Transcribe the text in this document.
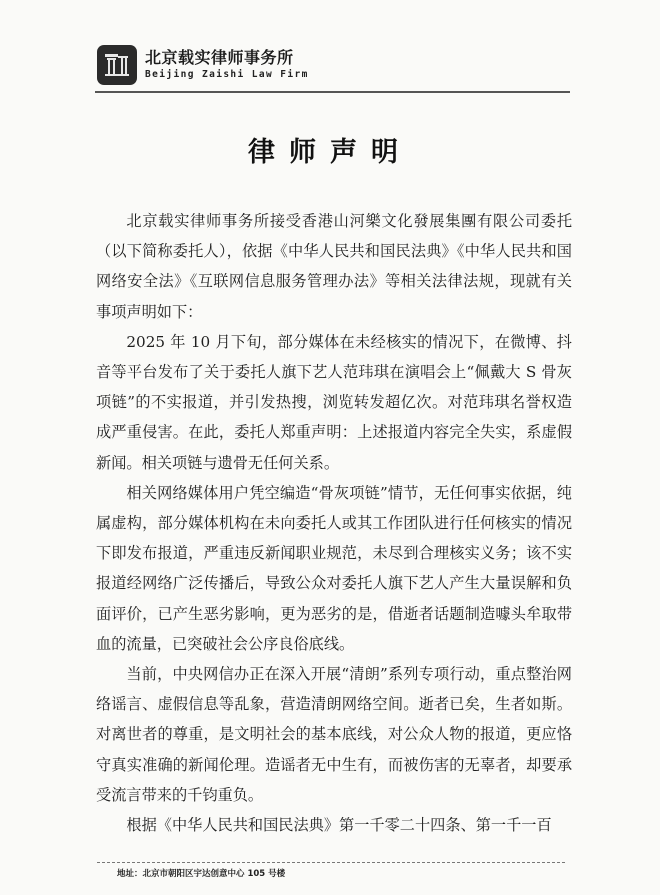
北京载实律师事务所
Beijing Zaishi Law Firm
律师声明

北京载实律师事务所接受香港山河樂文化發展集團有限公司委托（以下简称委托人），依据《中华人民共和国民法典》《中华人民共和国网络安全法》《互联网信息服务管理办法》等相关法律法规，现就有关事项声明如下：

2025 年 10 月下旬，部分媒体在未经核实的情况下，在微博、抖音等平台发布了关于委托人旗下艺人范玮琪在演唱会上“佩戴大 S 骨灰项链”的不实报道，并引发热搜，浏览转发超亿次。对范玮琪名誉权造成严重侵害。在此，委托人郑重声明：上述报道内容完全失实，系虚假新闻。相关项链与遗骨无任何关系。

相关网络媒体用户凭空编造“骨灰项链”情节，无任何事实依据，纯属虚构，部分媒体机构在未向委托人或其工作团队进行任何核实的情况下即发布报道，严重违反新闻职业规范，未尽到合理核实义务；该不实报道经网络广泛传播后，导致公众对委托人旗下艺人产生大量误解和负面评价，已产生恶劣影响，更为恶劣的是，借逝者话题制造噱头牟取带血的流量，已突破社会公序良俗底线。

当前，中央网信办正在深入开展“清朗”系列专项行动，重点整治网络谣言、虚假信息等乱象，营造清朗网络空间。逝者已矣，生者如斯。对离世者的尊重，是文明社会的基本底线，对公众人物的报道，更应恪守真实准确的新闻伦理。造谣者无中生有，而被伤害的无辜者，却要承受流言带来的千钧重负。

根据《中华人民共和国民法典》第一千零二十四条、第一千一百

地址：北京市朝阳区宇达创意中心 105 号楼
